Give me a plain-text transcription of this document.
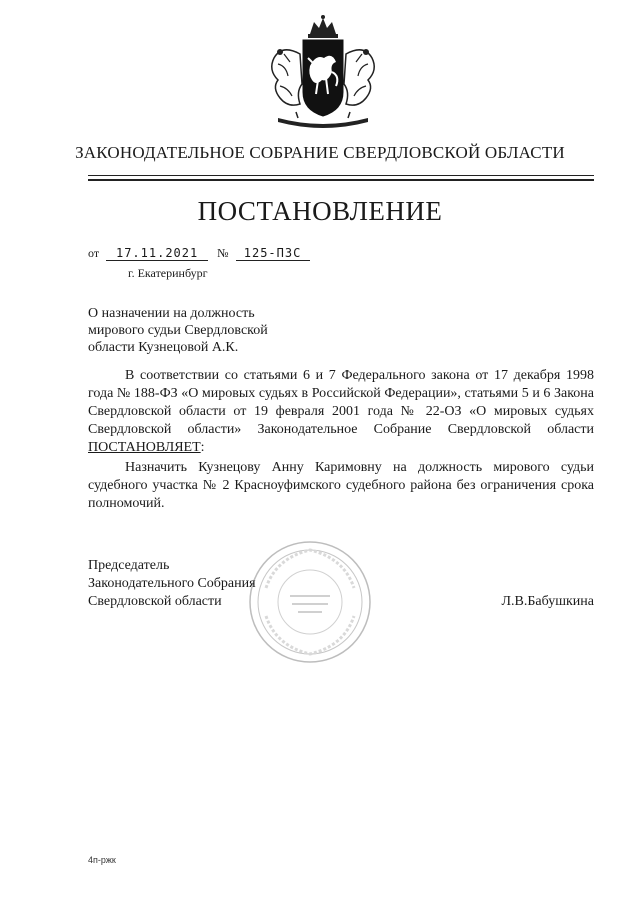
ЗАКОНОДАТЕЛЬНОЕ СОБРАНИЕ СВЕРДЛОВСКОЙ ОБЛАСТИ
ПОСТАНОВЛЕНИЕ
от 17.11.2021 № 125-ПЗС
г. Екатеринбург
О назначении на должность
мирового судьи Свердловской
области Кузнецовой А.К.
В соответствии со статьями 6 и 7 Федерального закона от 17 декабря 1998 года № 188-ФЗ «О мировых судьях в Российской Федерации», статьями 5 и 6 Закона Свердловской области от 19 февраля 2001 года № 22-ОЗ «О мировых судьях Свердловской области» Законодательное Собрание Свердловской области ПОСТАНОВЛЯЕТ:
Назначить Кузнецову Анну Каримовну на должность мирового судьи судебного участка № 2 Красноуфимского судебного района без ограничения срока полномочий.
Председатель
Законодательного Собрания
Свердловской области	Л.В.Бабушкина
4п-ржк
